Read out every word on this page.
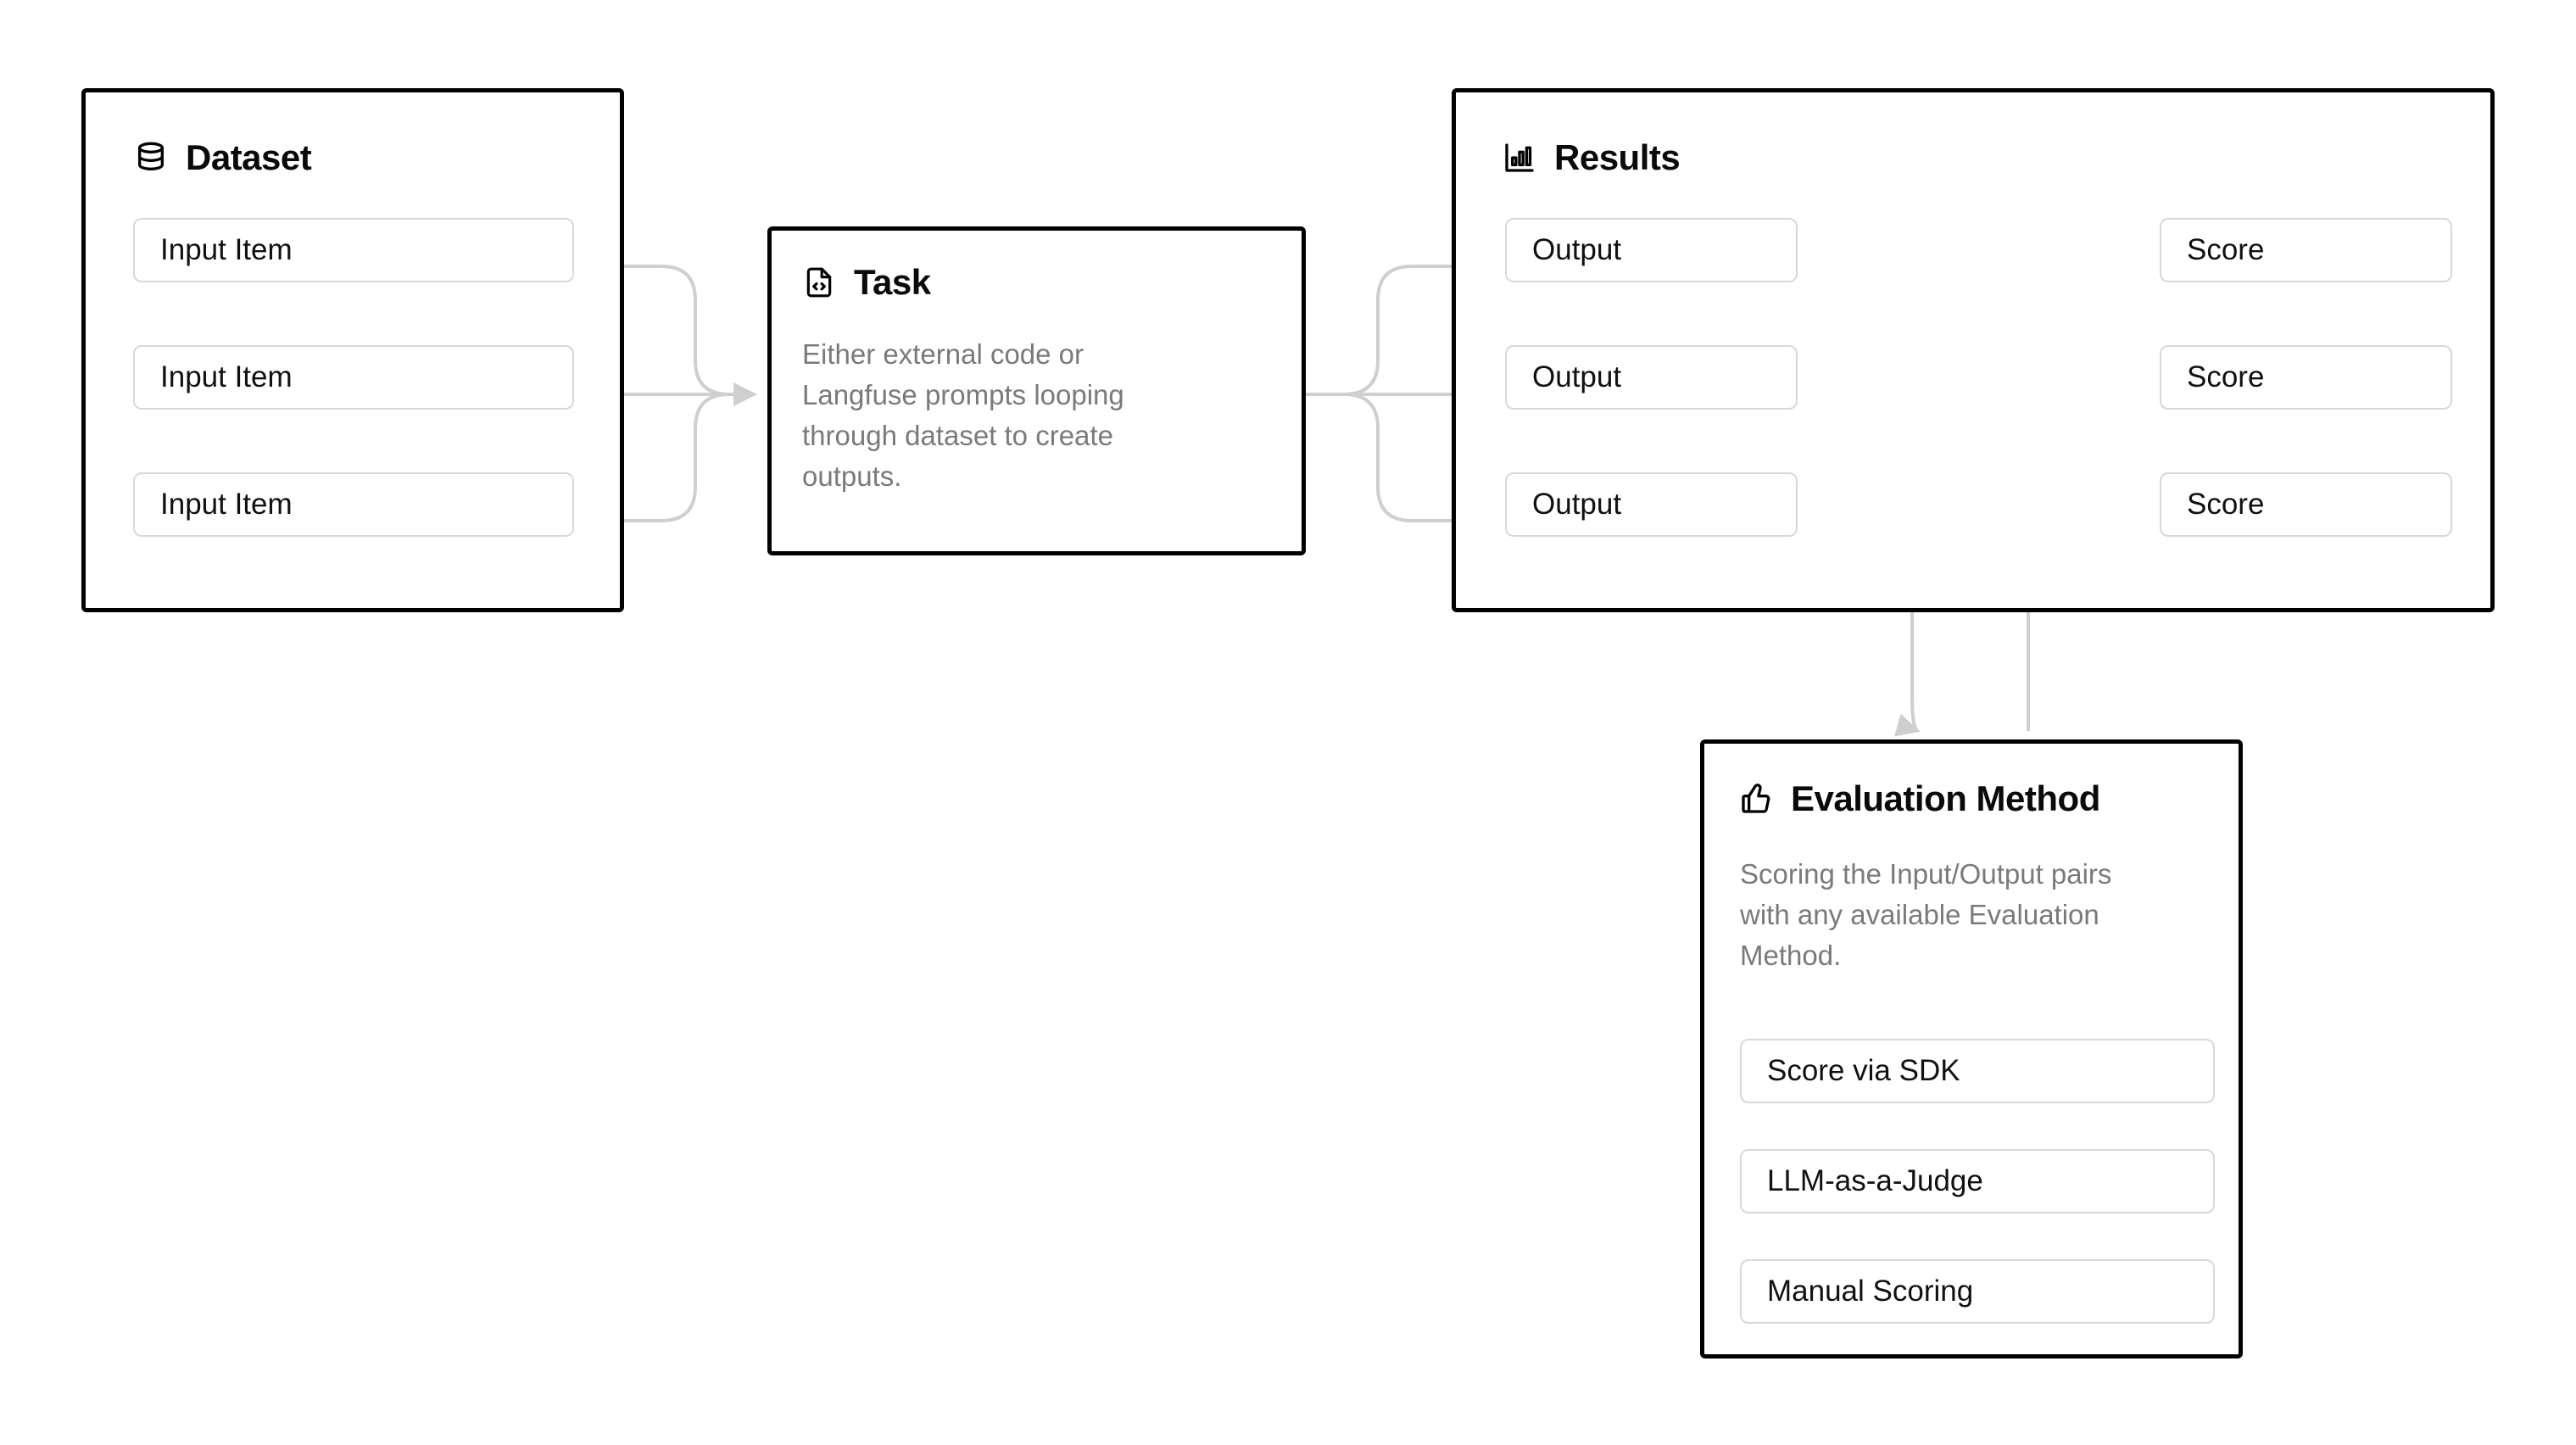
Dataset
Input Item
Input Item
Input Item
Task
Either external code or Langfuse prompts looping through dataset to create outputs.
Results
Output
Output
Output
Score
Score
Score
Evaluation Method
Scoring the Input/Output pairs with any available Evaluation Method.
Score via SDK
LLM-as-a-Judge
Manual Scoring
